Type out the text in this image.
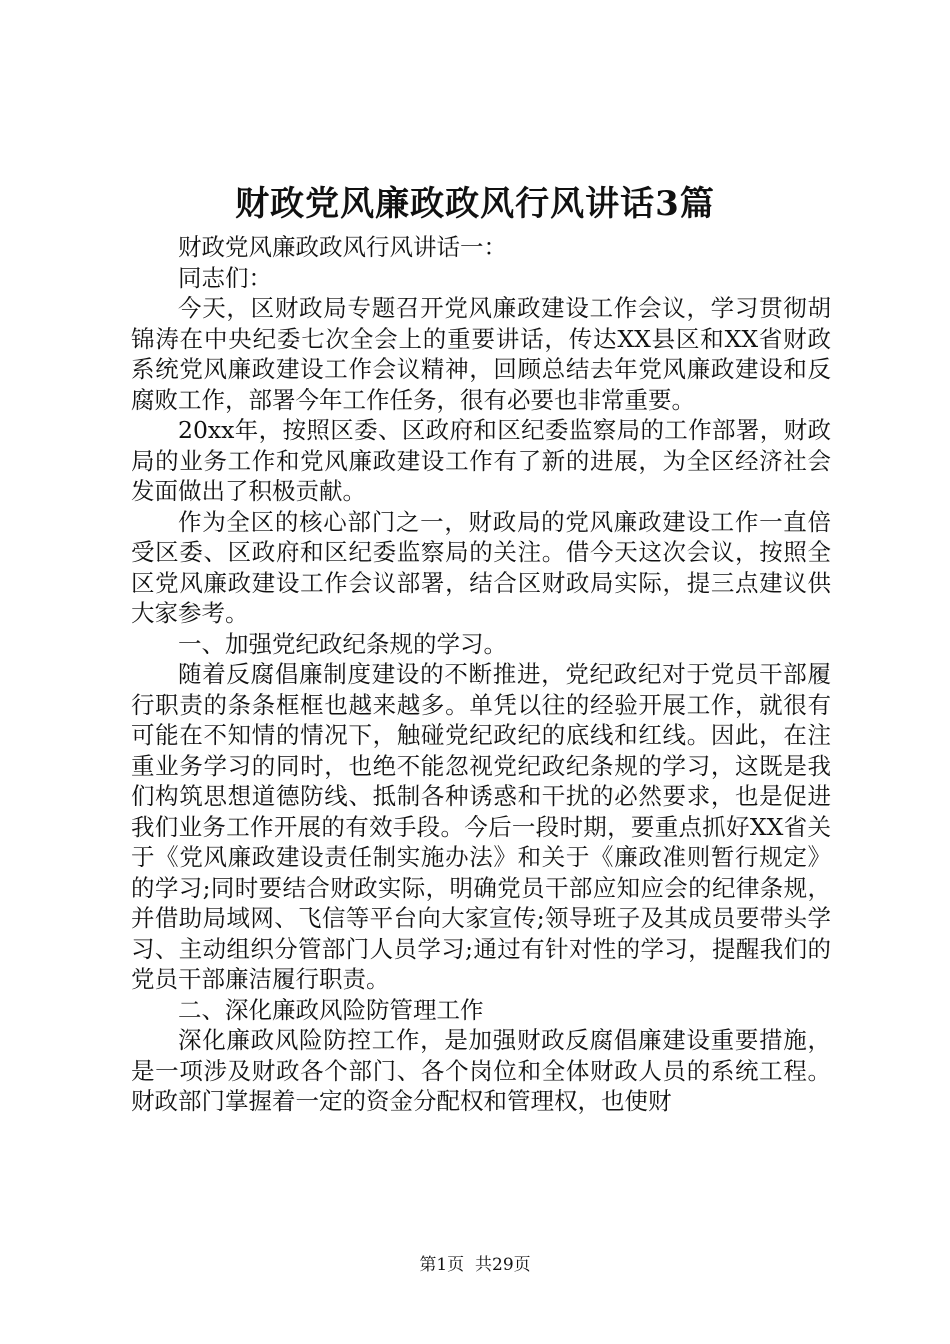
财政党风廉政政风行风讲话3篇

财政党风廉政政风行风讲话一：

同志们：

今天，区财政局专题召开党风廉政建设工作会议，学习贯彻胡锦涛在中央纪委七次全会上的重要讲话，传达XX县区和XX省财政系统党风廉政建设工作会议精神，回顾总结去年党风廉政建设和反腐败工作，部署今年工作任务，很有必要也非常重要。

20xx年，按照区委、区政府和区纪委监察局的工作部署，财政局的业务工作和党风廉政建设工作有了新的进展，为全区经济社会发面做出了积极贡献。

作为全区的核心部门之一，财政局的党风廉政建设工作一直倍受区委、区政府和区纪委监察局的关注。借今天这次会议，按照全区党风廉政建设工作会议部署，结合区财政局实际，提三点建议供大家参考。

一、加强党纪政纪条规的学习。

随着反腐倡廉制度建设的不断推进，党纪政纪对于党员干部履行职责的条条框框也越来越多。单凭以往的经验开展工作，就很有可能在不知情的情况下，触碰党纪政纪的底线和红线。因此，在注重业务学习的同时，也绝不能忽视党纪政纪条规的学习，这既是我们构筑思想道德防线、抵制各种诱惑和干扰的必然要求，也是促进我们业务工作开展的有效手段。今后一段时期，要重点抓好XX省关于《党风廉政建设责任制实施办法》和关于《廉政准则暂行规定》的学习;同时要结合财政实际，明确党员干部应知应会的纪律条规，并借助局域网、飞信等平台向大家宣传;领导班子及其成员要带头学习、主动组织分管部门人员学习;通过有针对性的学习，提醒我们的党员干部廉洁履行职责。

二、深化廉政风险防管理工作

深化廉政风险防控工作，是加强财政反腐倡廉建设重要措施，是一项涉及财政各个部门、各个岗位和全体财政人员的系统工程。财政部门掌握着一定的资金分配权和管理权，也使财

第1页 共29页
